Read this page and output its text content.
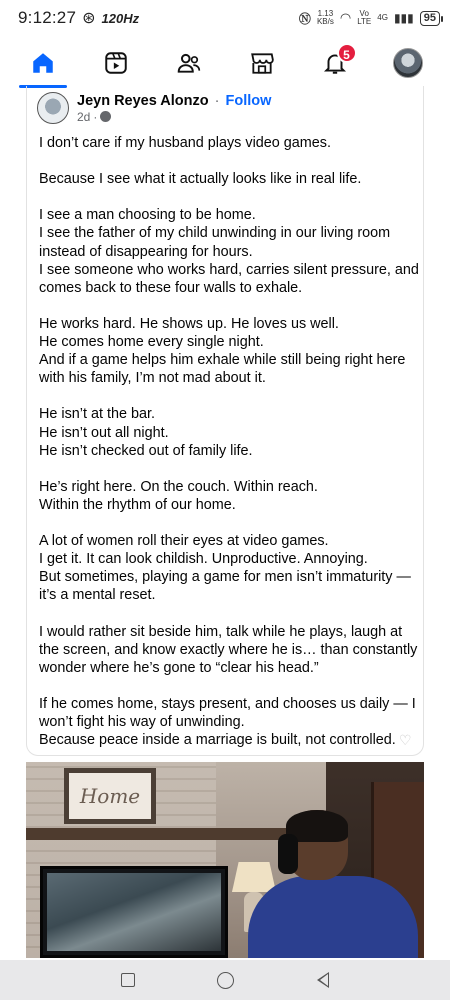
9:12:27 ⊛ 120Hz	Ⓝ 1.13
KB/s ◠ Vo
LTE 4G ▮▮▮ 95
5
Jeyn Reyes Alonzo · Follow
2d ·
I don’t care if my husband plays video games.

Because I see what it actually looks like in real life.

I see a man choosing to be home.
I see the father of my child unwinding in our living room
instead of disappearing for hours.
I see someone who works hard, carries silent pressure, and
comes back to these four walls to exhale.

He works hard. He shows up. He loves us well.
He comes home every single night.
And if a game helps him exhale while still being right here
with his family, I’m not mad about it.

He isn’t at the bar.
He isn’t out all night.
He isn’t checked out of family life.

He’s right here. On the couch. Within reach.
Within the rhythm of our home.

A lot of women roll their eyes at video games.
I get it. It can look childish. Unproductive. Annoying.
But sometimes, playing a game for men isn’t immaturity —
it’s a mental reset.

I would rather sit beside him, talk while he plays, laugh at
the screen, and know exactly where he is… than constantly
wonder where he’s gone to “clear his head.”

If he comes home, stays present, and chooses us daily — I
won’t fight his way of unwinding.
Because peace inside a marriage is built, not controlled. ♡
Home
